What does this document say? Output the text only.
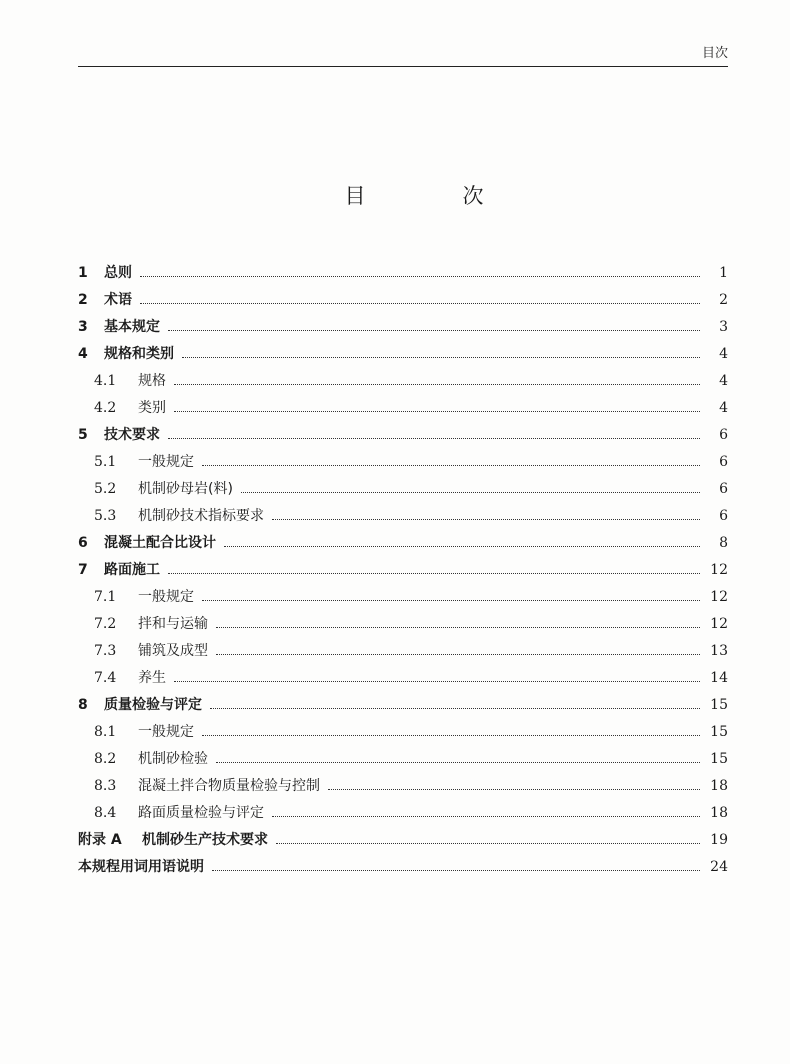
目次
目　次
1	总则	1
2	术语	2
3	基本规定	3
4	规格和类别	4
4.1	规格	4
4.2	类别	4
5	技术要求	6
5.1	一般规定	6
5.2	机制砂母岩(料)	6
5.3	机制砂技术指标要求	6
6	混凝土配合比设计	8
7	路面施工	12
7.1	一般规定	12
7.2	拌和与运输	12
7.3	铺筑及成型	13
7.4	养生	14
8	质量检验与评定	15
8.1	一般规定	15
8.2	机制砂检验	15
8.3	混凝土拌合物质量检验与控制	18
8.4	路面质量检验与评定	18
附录 A	机制砂生产技术要求	19
本规程用词用语说明	24
